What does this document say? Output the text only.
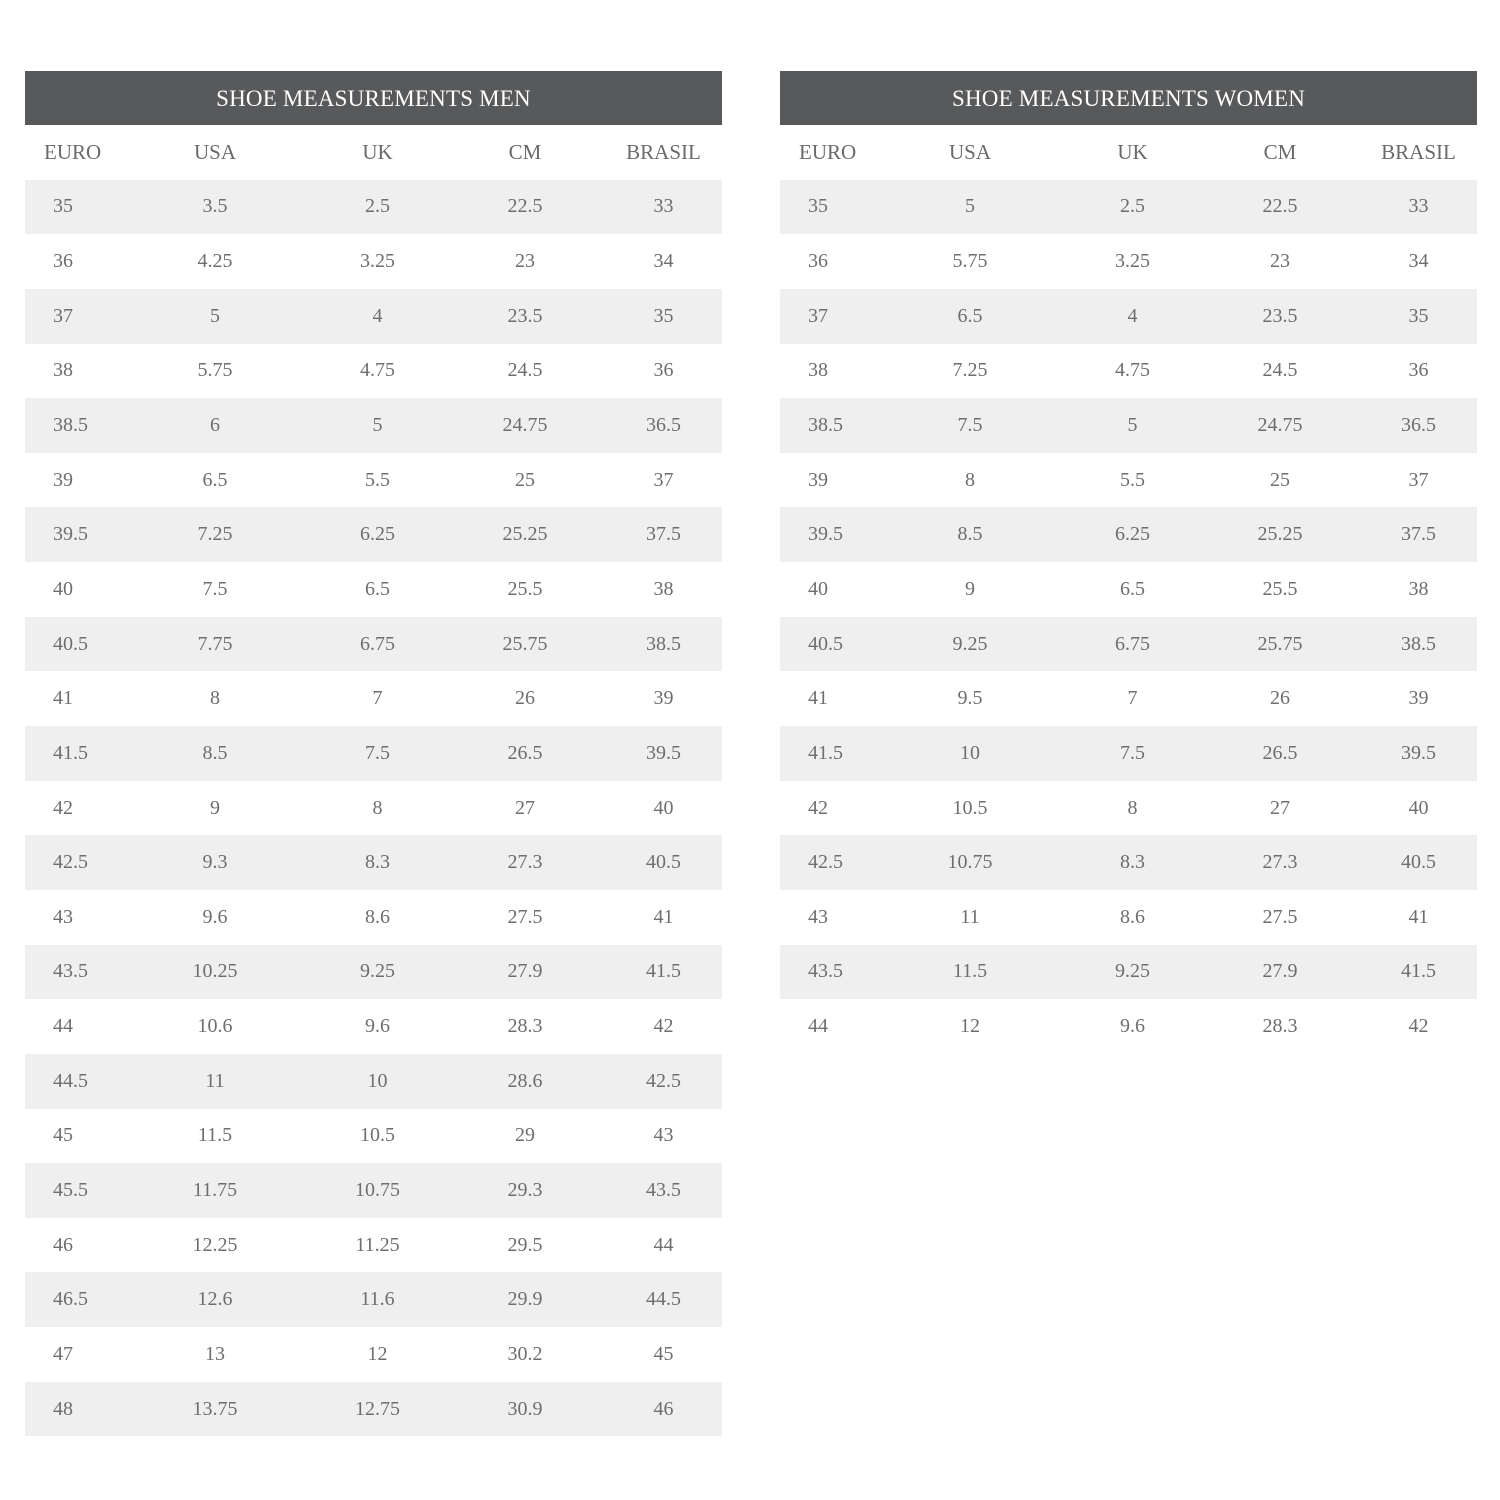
SHOE MEASUREMENTS MEN
EURO	USA	UK	CM	BRASIL
35	3.5	2.5	22.5	33
36	4.25	3.25	23	34
37	5	4	23.5	35
38	5.75	4.75	24.5	36
38.5	6	5	24.75	36.5
39	6.5	5.5	25	37
39.5	7.25	6.25	25.25	37.5
40	7.5	6.5	25.5	38
40.5	7.75	6.75	25.75	38.5
41	8	7	26	39
41.5	8.5	7.5	26.5	39.5
42	9	8	27	40
42.5	9.3	8.3	27.3	40.5
43	9.6	8.6	27.5	41
43.5	10.25	9.25	27.9	41.5
44	10.6	9.6	28.3	42
44.5	11	10	28.6	42.5
45	11.5	10.5	29	43
45.5	11.75	10.75	29.3	43.5
46	12.25	11.25	29.5	44
46.5	12.6	11.6	29.9	44.5
47	13	12	30.2	45
48	13.75	12.75	30.9	46
SHOE MEASUREMENTS WOMEN
EURO	USA	UK	CM	BRASIL
35	5	2.5	22.5	33
36	5.75	3.25	23	34
37	6.5	4	23.5	35
38	7.25	4.75	24.5	36
38.5	7.5	5	24.75	36.5
39	8	5.5	25	37
39.5	8.5	6.25	25.25	37.5
40	9	6.5	25.5	38
40.5	9.25	6.75	25.75	38.5
41	9.5	7	26	39
41.5	10	7.5	26.5	39.5
42	10.5	8	27	40
42.5	10.75	8.3	27.3	40.5
43	11	8.6	27.5	41
43.5	11.5	9.25	27.9	41.5
44	12	9.6	28.3	42
